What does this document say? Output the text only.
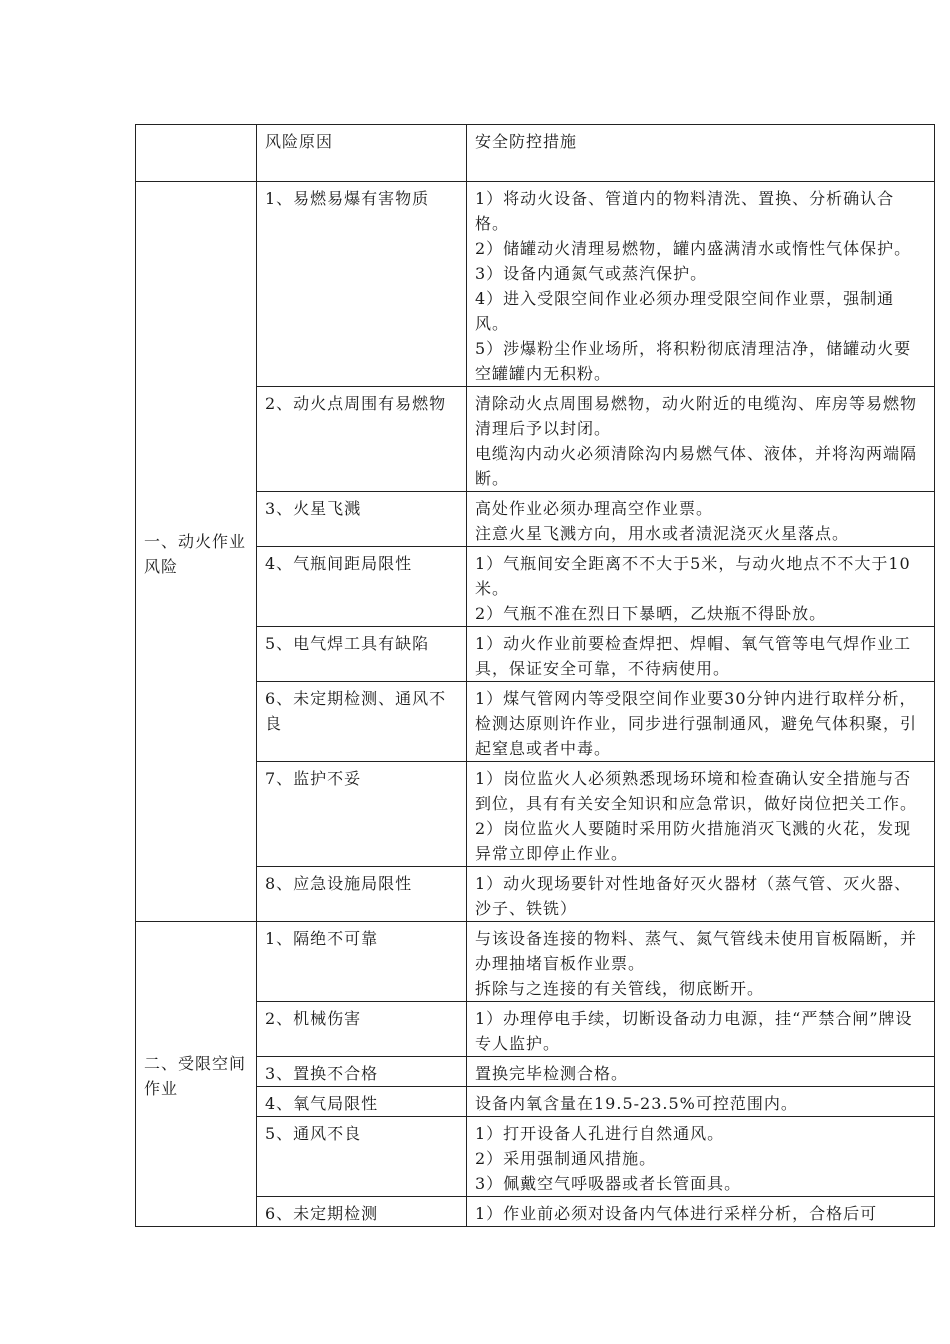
	风险原因	安全防控措施
一、动火作业风险	1、易燃易爆有害物质	1）将动火设备、管道内的物料清洗、置换、分析确认合格。
2）储罐动火清理易燃物，罐内盛满清水或惰性气体保护。
3）设备内通氮气或蒸汽保护。
4）进入受限空间作业必须办理受限空间作业票，强制通风。
5）涉爆粉尘作业场所，将积粉彻底清理洁净，储罐动火要空罐罐内无积粉。

	2、动火点周围有易燃物	清除动火点周围易燃物，动火附近的电缆沟、库房等易燃物清理后予以封闭。
电缆沟内动火必须清除沟内易燃气体、液体，并将沟两端隔断。

	3、火星飞溅	高处作业必须办理高空作业票。
注意火星飞溅方向，用水或者渍泥浇灭火星落点。

	4、气瓶间距局限性	1）气瓶间安全距离不不大于5米，与动火地点不不大于10米。
2）气瓶不准在烈日下暴晒，乙炔瓶不得卧放。

	5、电气焊工具有缺陷	1）动火作业前要检查焊把、焊帽、氧气管等电气焊作业工具，保证安全可靠，不待病使用。

	6、未定期检测、通风不良	1）煤气管网内等受限空间作业要30分钟内进行取样分析，检测达原则许作业，同步进行强制通风，避免气体积聚，引起窒息或者中毒。

	7、监护不妥	1）岗位监火人必须熟悉现场环境和检查确认安全措施与否到位，具有有关安全知识和应急常识，做好岗位把关工作。
2）岗位监火人要随时采用防火措施消灭飞溅的火花，发现异常立即停止作业。

	8、应急设施局限性	1）动火现场要针对性地备好灭火器材（蒸气管、灭火器、沙子、铁铣）

二、受限空间作业	1、隔绝不可靠	与该设备连接的物料、蒸气、氮气管线未使用盲板隔断，并办理抽堵盲板作业票。
拆除与之连接的有关管线，彻底断开。

	2、机械伤害	1）办理停电手续，切断设备动力电源，挂“严禁合闸”牌设专人监护。

	3、置换不合格	置换完毕检测合格。

	4、氧气局限性	设备内氧含量在19.5-23.5%可控范围内。

	5、通风不良	1）打开设备人孔进行自然通风。
2）采用强制通风措施。
3）佩戴空气呼吸器或者长管面具。

	6、未定期检测	1）作业前必须对设备内气体进行采样分析，合格后可
